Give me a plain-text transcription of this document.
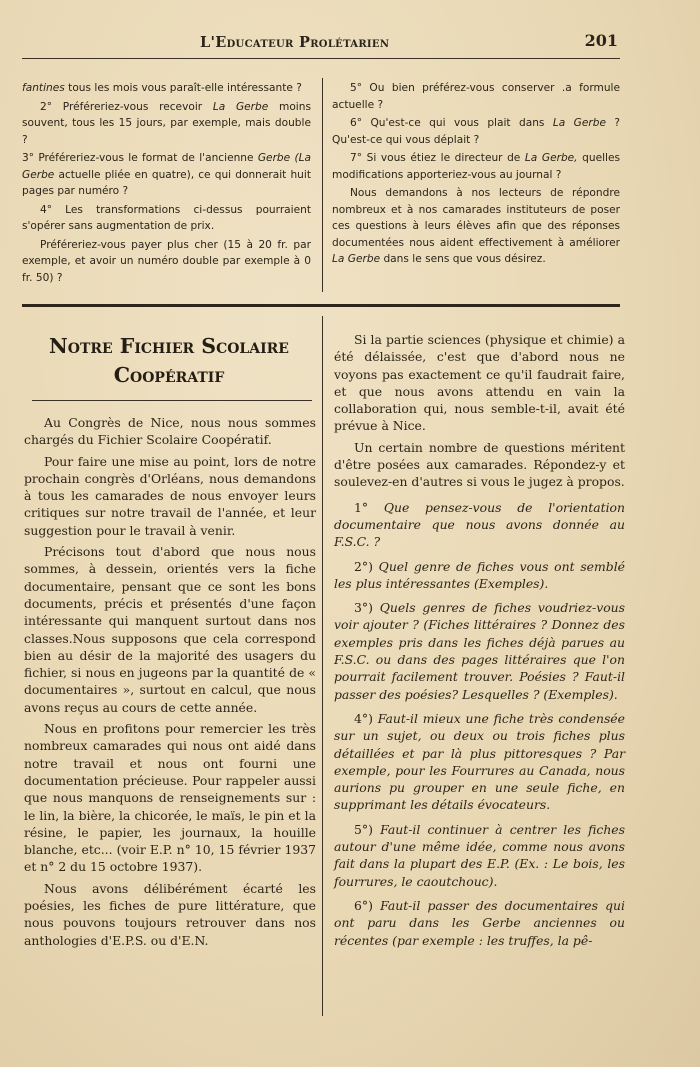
L'Educateur Prolétarien	201

fantines tous les mois vous paraît-elle intéressante ?

2° Préféreriez-vous recevoir La Gerbe moins souvent, tous les 15 jours, par exemple, mais double ?

3° Préféreriez-vous le format de l'ancienne Gerbe (La Gerbe actuelle pliée en quatre), ce qui donnerait huit pages par numéro ?

4° Les transformations ci-dessus pourraient s'opérer sans augmentation de prix.

Préféreriez-vous payer plus cher (15 à 20 fr. par exemple, et avoir un numéro double par exemple à 0 fr. 50) ?

5° Ou bien préférez-vous conserver .a formule actuelle ?

6° Qu'est-ce qui vous plait dans La Gerbe ? Qu'est-ce qui vous déplait ?

7° Si vous étiez le directeur de La Gerbe, quelles modifications apporteriez-vous au journal ?

Nous demandons à nos lecteurs de répondre nombreux et à nos camarades instituteurs de poser ces questions à leurs élèves afin que des réponses documentées nous aident effectivement à améliorer La Gerbe dans le sens que vous désirez.

Notre Fichier Scolaire Coopératif

Au Congrès de Nice, nous nous sommes chargés du Fichier Scolaire Coopératif.

Pour faire une mise au point, lors de notre prochain congrès d'Orléans, nous demandons à tous les camarades de nous envoyer leurs critiques sur notre travail de l'année, et leur suggestion pour le travail à venir.

Précisons tout d'abord que nous nous sommes, à dessein, orientés vers la fiche documentaire, pensant que ce sont les bons documents, précis et présentés d'une façon intéressante qui manquent surtout dans nos classes.Nous supposons que cela correspond bien au désir de la majorité des usagers du fichier, si nous en jugeons par la quantité de « documentaires », surtout en calcul, que nous avons reçus au cours de cette année.

Nous en profitons pour remercier les très nombreux camarades qui nous ont aidé dans notre travail et nous ont fourni une documentation précieuse. Pour rappeler aussi que nous manquons de renseignements sur : le lin, la bière, la chicorée, le maïs, le pin et la résine, le papier, les journaux, la houille blanche, etc... (voir E.P. n° 10, 15 février 1937 et n° 2 du 15 octobre 1937).

Nous avons délibérément écarté les poésies, les fiches de pure littérature, que nous pouvons toujours retrouver dans nos anthologies d'E.P.S. ou d'E.N.

Si la partie sciences (physique et chimie) a été délaissée, c'est que d'abord nous ne voyons pas exactement ce qu'il faudrait faire, et que nous avons attendu en vain la collaboration qui, nous semble-t-il, avait été prévue à Nice.

Un certain nombre de questions méritent d'être posées aux camarades. Répondez-y et soulevez-en d'autres si vous le jugez à propos.

1° Que pensez-vous de l'orientation documentaire que nous avons donnée au F.S.C. ?

2°) Quel genre de fiches vous ont semblé les plus intéressantes (Exemples).

3°) Quels genres de fiches voudriez-vous voir ajouter ? (Fiches littéraires ? Donnez des exemples pris dans les fiches déjà parues au F.S.C. ou dans des pages littéraires que l'on pourrait facilement trouver. Poésies ? Faut-il passer des poésies? Lesquelles ? (Exemples).

4°) Faut-il mieux une fiche très condensée sur un sujet, ou deux ou trois fiches plus détaillées et par là plus pittoresques ? Par exemple, pour les Fourrures au Canada, nous aurions pu grouper en une seule fiche, en supprimant les détails évocateurs.

5°) Faut-il continuer à centrer les fiches autour d'une même idée, comme nous avons fait dans la plupart des E.P. (Ex. : Le bois, les fourrures, le caoutchouc).

6°) Faut-il passer des documentaires qui ont paru dans les Gerbe anciennes ou récentes (par exemple : les truffes, la pê-
